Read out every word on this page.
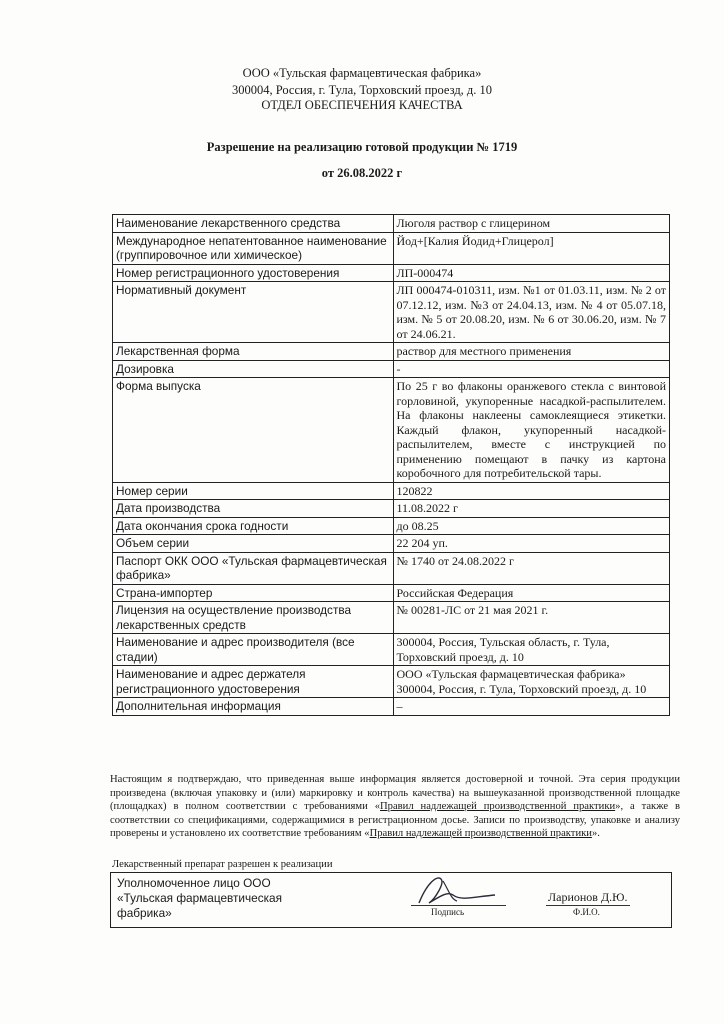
ООО «Тульская фармацевтическая фабрика»
300004, Россия, г. Тула, Торховский проезд, д. 10
ОТДЕЛ ОБЕСПЕЧЕНИЯ КАЧЕСТВА
Разрешение на реализацию готовой продукции № 1719
от 26.08.2022 г
Наименование лекарственного средства	Люголя раствор с глицерином
Международное непатентованное наименование (группировочное или химическое)	Йод+[Калия Йодид+Глицерол]
Номер регистрационного удостоверения	ЛП-000474
Нормативный документ	ЛП 000474-010311, изм. №1 от 01.03.11, изм. № 2 от 07.12.12, изм. №3 от 24.04.13, изм. № 4 от 05.07.18, изм. № 5 от 20.08.20, изм. № 6 от 30.06.20, изм. № 7 от 24.06.21.
Лекарственная форма	раствор для местного применения
Дозировка	-
Форма выпуска	По 25 г во флаконы оранжевого стекла с винтовой горловиной, укупоренные насадкой-распылителем. На флаконы наклеены самоклеящиеся этикетки. Каждый флакон, укупоренный насадкой-распылителем, вместе с инструкцией по применению помещают в пачку из картона коробочного для потребительской тары.
Номер серии	120822
Дата производства	11.08.2022 г
Дата окончания срока годности	до 08.25
Объем серии	22 204 уп.
Паспорт ОКК ООО «Тульская фармацевтическая фабрика»	№ 1740 от 24.08.2022 г
Страна-импортер	Российская Федерация
Лицензия на осуществление производства лекарственных средств	№ 00281-ЛС от 21 мая 2021 г.
Наименование и адрес производителя (все стадии)	300004, Россия, Тульская область, г. Тула, Торховский проезд, д. 10
Наименование и адрес держателя регистрационного удостоверения	ООО «Тульская фармацевтическая фабрика» 300004, Россия, г. Тула, Торховский проезд, д. 10
Дополнительная информация	–
Настоящим я подтверждаю, что приведенная выше информация является достоверной и точной. Эта серия продукции произведена (включая упаковку и (или) маркировку и контроль качества) на вышеуказанной производственной площадке (площадках) в полном соответствии с требованиями «Правил надлежащей производственной практики», а также в соответствии со спецификациями, содержащимися в регистрационном досье. Записи по производству, упаковке и анализу проверены и установлено их соответствие требованиям «Правил надлежащей производственной практики».
Лекарственный препарат разрешен к реализации
Уполномоченное лицо ООО «Тульская фармацевтическая фабрика»	Подпись
Ларионов Д.Ю.
Ф.И.О.
